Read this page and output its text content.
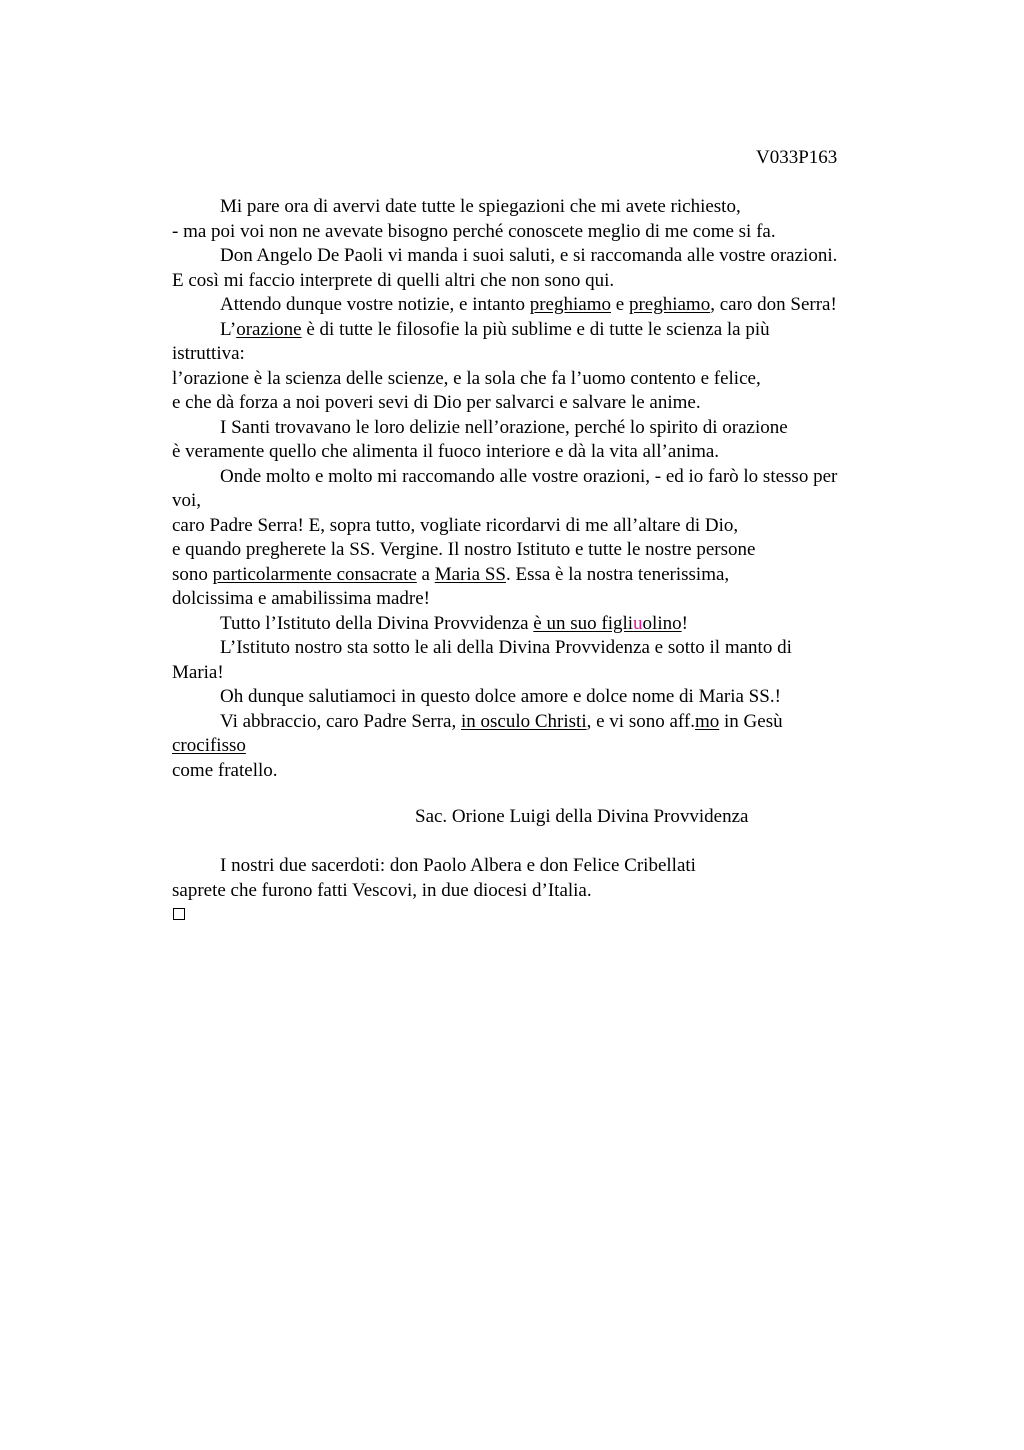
V033P163
Mi pare ora di avervi date tutte le spiegazioni che mi avete richiesto,
- ma poi voi non ne avevate bisogno perché conoscete meglio di me come si fa.
Don Angelo De Paoli vi manda i suoi saluti, e si raccomanda alle vostre orazioni.
E così mi faccio interprete di quelli altri che non sono qui.
Attendo dunque vostre notizie, e intanto preghiamo e preghiamo, caro don Serra!
L’orazione è di tutte le filosofie la più sublime e di tutte le scienza la più
istruttiva:
l’orazione è la scienza delle scienze, e la sola che fa l’uomo contento e felice,
e che dà forza a noi poveri sevi di Dio per salvarci e salvare le anime.
I Santi trovavano le loro delizie nell’orazione, perché lo spirito di orazione
è veramente quello che alimenta il fuoco interiore e dà la vita all’anima.
Onde molto e molto mi raccomando alle vostre orazioni, - ed io farò lo stesso per
voi,
caro Padre Serra! E, sopra tutto, vogliate ricordarvi di me all’altare di Dio,
e quando pregherete la SS. Vergine. Il nostro Istituto e tutte le nostre persone
sono particolarmente consacrate a Maria SS. Essa è la nostra tenerissima,
dolcissima e amabilissima madre!
Tutto l’Istituto della Divina Provvidenza è un suo figliuolino!
L’Istituto nostro sta sotto le ali della Divina Provvidenza e sotto il manto di
Maria!
Oh dunque salutiamoci in questo dolce amore e dolce nome di Maria SS.!
Vi abbraccio, caro Padre Serra, in osculo Christi, e vi sono aff.mo in Gesù
crocifisso
come fratello.
Sac. Orione Luigi della Divina Provvidenza
I nostri due sacerdoti: don Paolo Albera e don Felice Cribellati
saprete che furono fatti Vescovi, in due diocesi d’Italia.
